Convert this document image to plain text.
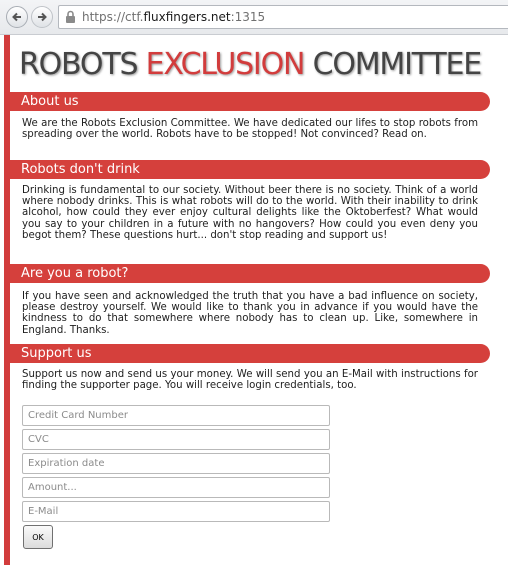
https://ctf.fluxfingers.net:1315
ROBOTS EXCLUSION COMMITTEE
About us
We are the Robots Exclusion Committee. We have dedicated our lifes to stop robots from spreading over the world. Robots have to be stopped! Not convinced? Read on.
Robots don't drink
Drinking is fundamental to our society. Without beer there is no society. Think of a world where nobody drinks. This is what robots will do to the world. With their inability to drink alcohol, how could they ever enjoy cultural delights like the Oktoberfest? What would you say to your children in a future with no hangovers? How could you even deny you begot them? These questions hurt... don't stop reading and support us!
Are you a robot?
If you have seen and acknowledged the truth that you have a bad influence on society, please destroy yourself. We would like to thank you in advance if you would have the kindness to do that somewhere where nobody has to clean up. Like, somewhere in England. Thanks.
Support us
Support us now and send us your money. We will send you an E-Mail with instructions for finding the supporter page. You will receive login credentials, too.
Credit Card Number
CVC
Expiration date
Amount...
E-Mail
OK
